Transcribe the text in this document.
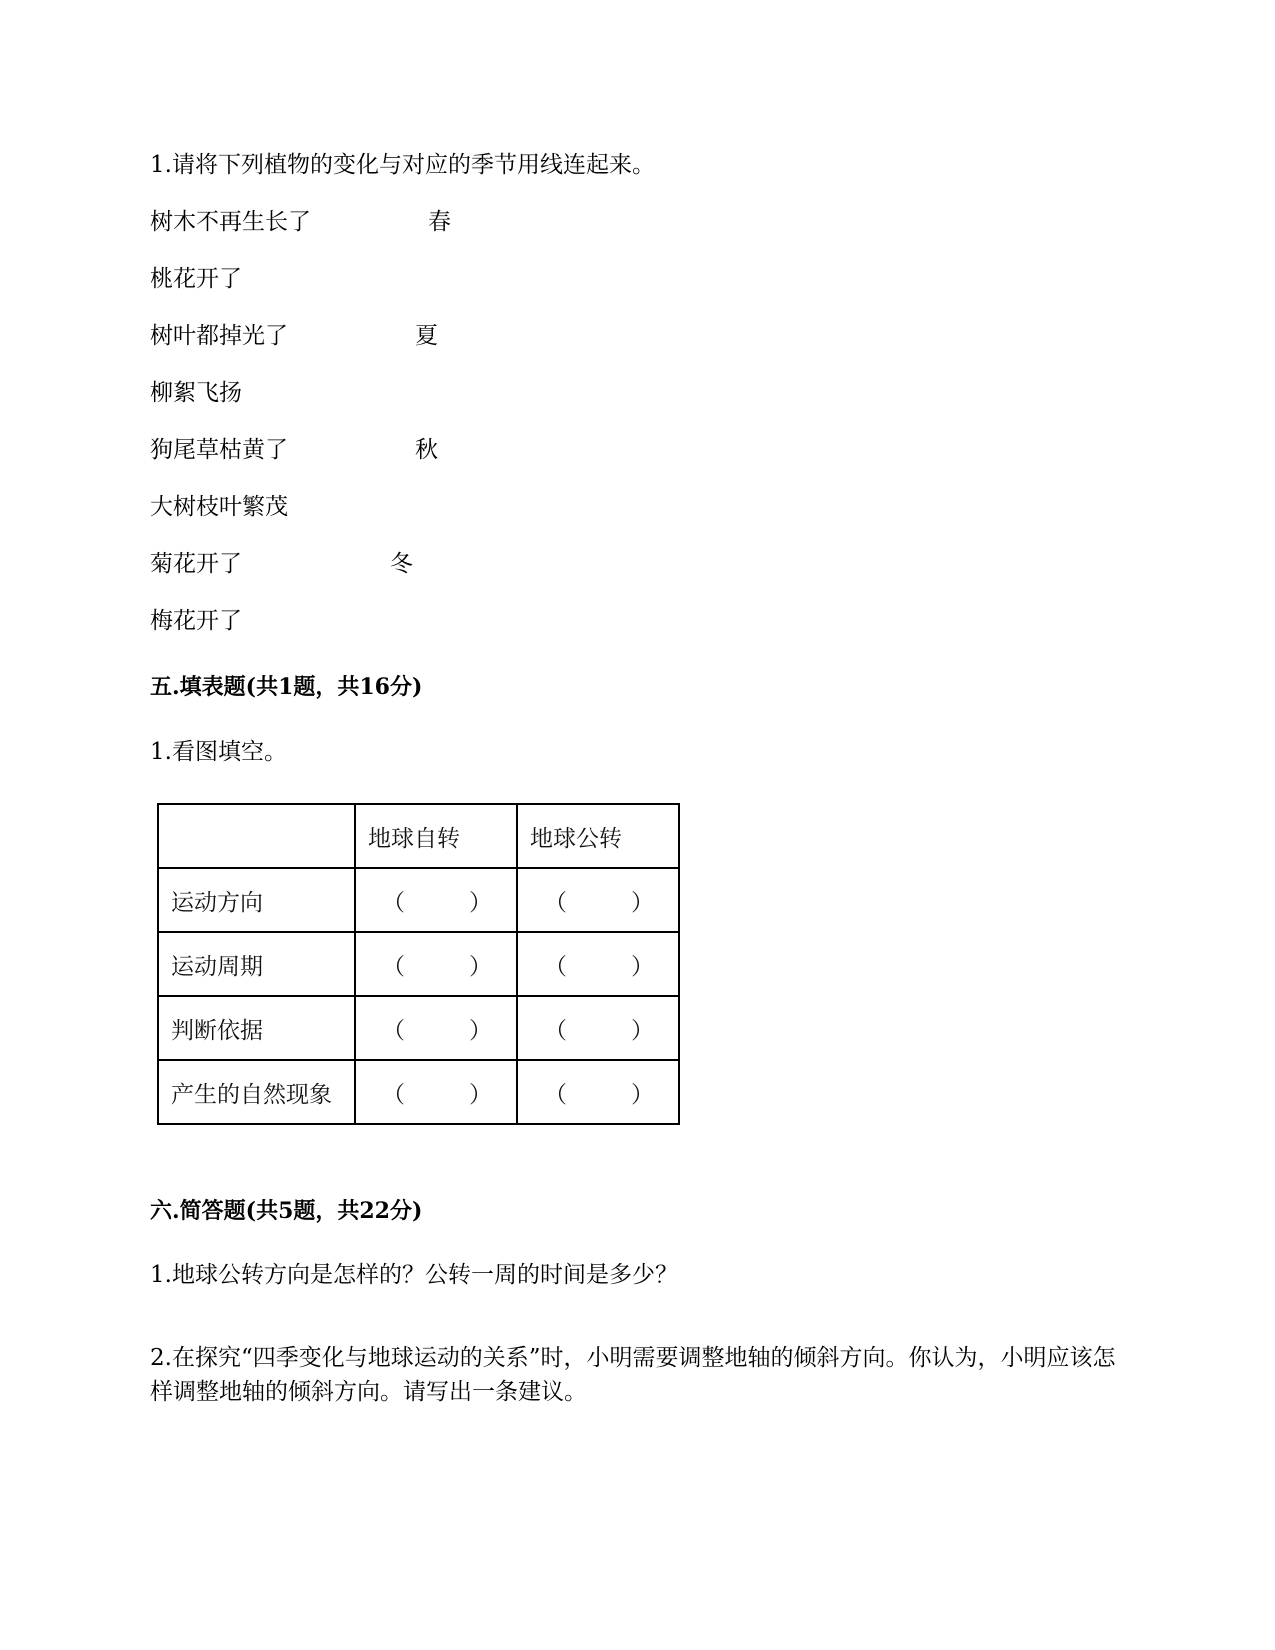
1.请将下列植物的变化与对应的季节用线连起来。
树木不再生长了
桃花开了
树叶都掉光了
柳絮飞扬
狗尾草枯黄了
大树枝叶繁茂
菊花开了
梅花开了
春
夏
秋
冬
五.填表题(共1题，共16分)
1.看图填空。
	地球自转	地球公转
运动方向	（ ）	（ ）

运动周期	（ ）	（ ）

判断依据	（ ）	（ ）

产生的自然现象	（ ）	（ ）
六.简答题(共5题，共22分)
1.地球公转方向是怎样的？公转一周的时间是多少？
2.在探究“四季变化与地球运动的关系”时，小明需要调整地轴的倾斜方向。你认为，小明应该怎样调整地轴的倾斜方向。请写出一条建议。
